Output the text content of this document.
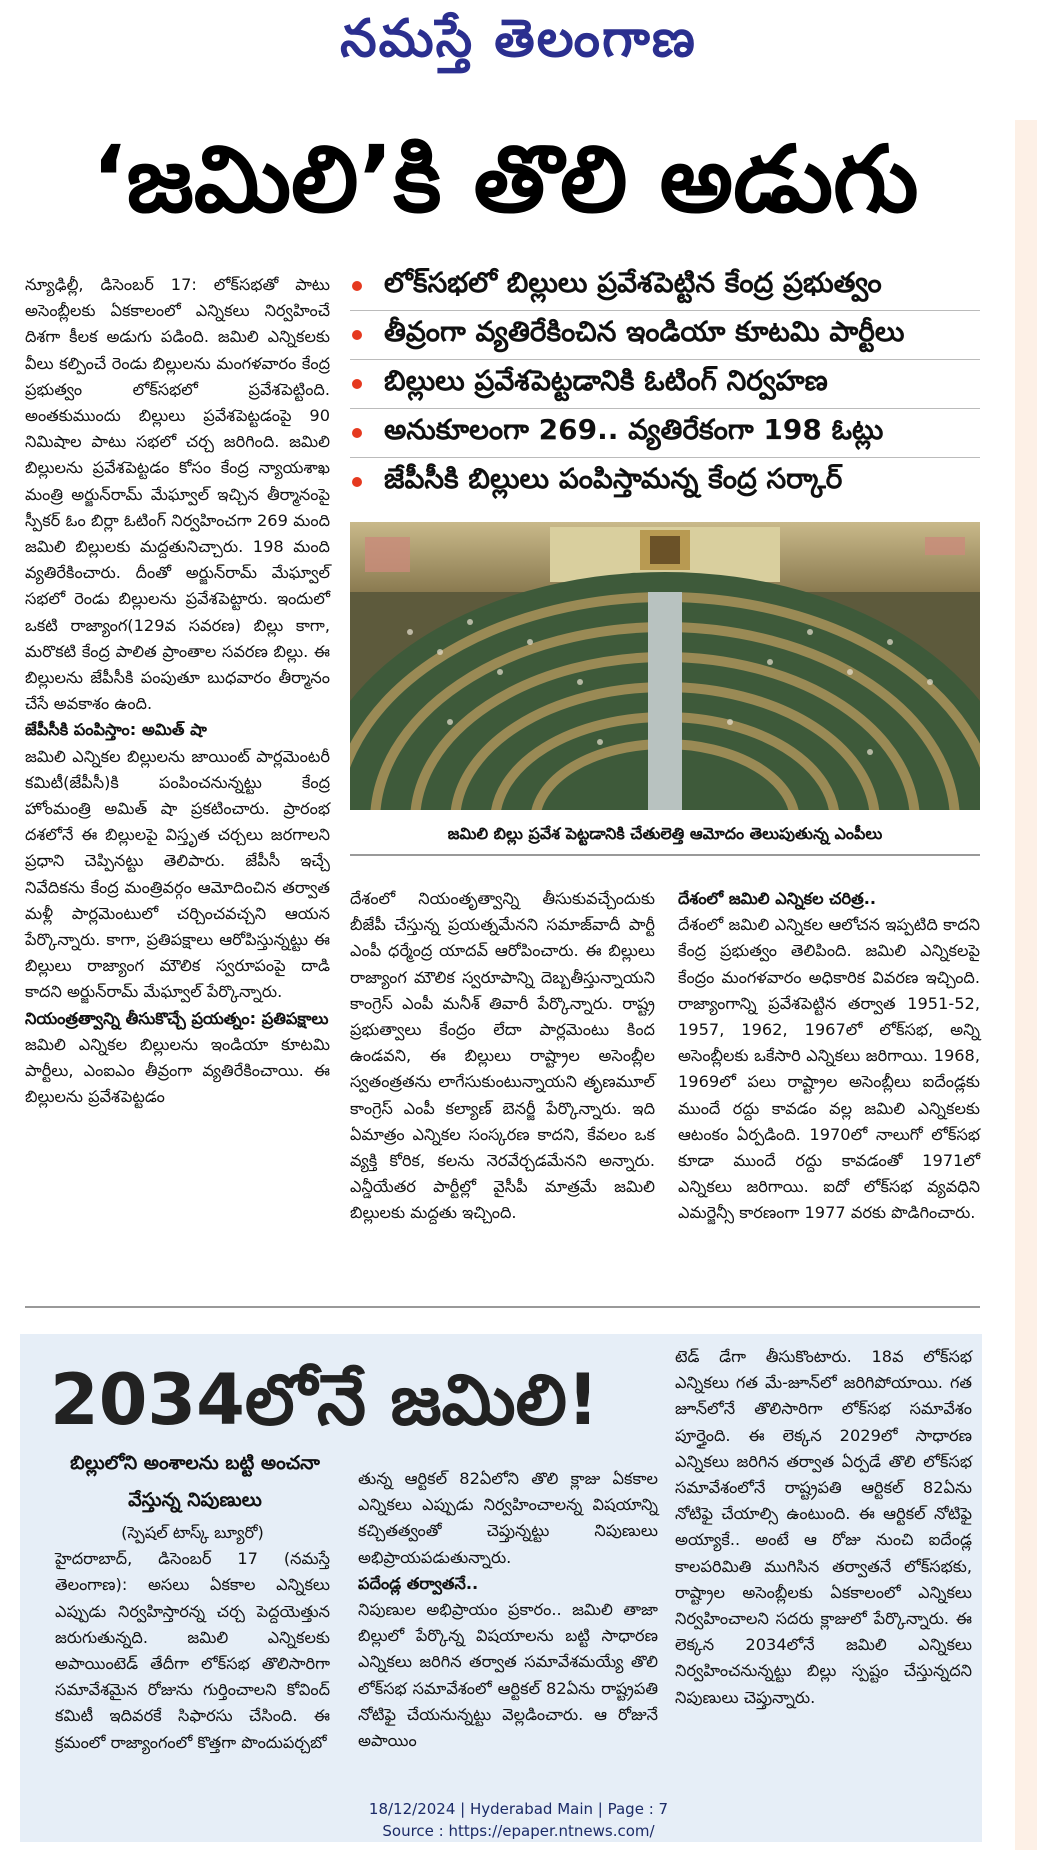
నమస్తే తెలంగాణ
‘జమిలి’కి తొలి అడుగు

న్యూఢిల్లీ, డిసెంబర్ 17: లోక్‌సభతో పాటు అసెంబ్లీలకు ఏకకాలంలో ఎన్నికలు నిర్వహించే దిశగా కీలక అడుగు పడింది. జమిలి ఎన్నికలకు వీలు కల్పించే రెండు బిల్లులను మంగళవారం కేంద్ర ప్రభుత్వం లోక్‌సభలో ప్రవేశపెట్టింది. అంతకుముందు బిల్లులు ప్రవేశపెట్టడంపై 90 నిమిషాల పాటు సభలో చర్చ జరిగింది. జమిలి బిల్లులను ప్రవేశపెట్టడం కోసం కేంద్ర న్యాయశాఖ మంత్రి అర్జున్‌రామ్ మేఘ్వాల్ ఇచ్చిన తీర్మానంపై స్పీకర్ ఓం బిర్లా ఓటింగ్ నిర్వహించగా 269 మంది జమిలి బిల్లులకు మద్దతునిచ్చారు. 198 మంది వ్యతిరేకించారు. దీంతో అర్జున్‌రామ్ మేఘ్వాల్ సభలో రెండు బిల్లులను ప్రవేశపెట్టారు. ఇందులో ఒకటి రాజ్యాంగ(129వ సవరణ) బిల్లు కాగా, మరొకటి కేంద్ర పాలిత ప్రాంతాల సవరణ బిల్లు. ఈ బిల్లులను జేపీసీకి పంపుతూ బుధవారం తీర్మానం చేసే అవకాశం ఉంది.

జేపీసీకి పంపిస్తాం: అమిత్ షా

జమిలి ఎన్నికల బిల్లులను జాయింట్ పార్లమెంటరీ కమిటీ(జేపీసీ)కి పంపించనున్నట్టు కేంద్ర హోంమంత్రి అమిత్ షా ప్రకటించారు. ప్రారంభ దశలోనే ఈ బిల్లులపై విస్తృత చర్చలు జరగాలని ప్రధాని చెప్పినట్టు తెలిపారు. జేపీసీ ఇచ్చే నివేదికను కేంద్ర మంత్రివర్గం ఆమోదించిన తర్వాత మళ్లీ పార్లమెంటులో చర్చించవచ్చని ఆయన పేర్కొన్నారు. కాగా, ప్రతిపక్షాలు ఆరోపిస్తున్నట్టు ఈ బిల్లులు రాజ్యాంగ మౌలిక స్వరూపంపై దాడి కాదని అర్జున్‌రామ్ మేఘ్వాల్ పేర్కొన్నారు.

నియంత్రత్వాన్ని తీసుకొచ్చే ప్రయత్నం: ప్రతిపక్షాలు

జమిలి ఎన్నికల బిల్లులను ఇండియా కూటమి పార్టీలు, ఎంఐఎం తీవ్రంగా వ్యతిరేకించాయి. ఈ బిల్లులను ప్రవేశపెట్టడం

లోక్‌సభలో బిల్లులు ప్రవేశపెట్టిన కేంద్ర ప్రభుత్వం
తీవ్రంగా వ్యతిరేకించిన ఇండియా కూటమి పార్టీలు
బిల్లులు ప్రవేశపెట్టడానికి ఓటింగ్ నిర్వహణ
అనుకూలంగా 269.. వ్యతిరేకంగా 198 ఓట్లు
జేపీసీకి బిల్లులు పంపిస్తామన్న కేంద్ర సర్కార్
జమిలి బిల్లు ప్రవేశ పెట్టడానికి చేతులెత్తి ఆమోదం తెలుపుతున్న ఎంపీలు

దేశంలో నియంతృత్వాన్ని తీసుకువచ్చేందుకు బీజేపీ చేస్తున్న ప్రయత్నమేనని సమాజ్‌వాదీ పార్టీ ఎంపీ ధర్మేంద్ర యాదవ్ ఆరోపించారు. ఈ బిల్లులు రాజ్యాంగ మౌలిక స్వరూపాన్ని దెబ్బతీస్తున్నాయని కాంగ్రెస్ ఎంపీ మనీశ్ తివారీ పేర్కొన్నారు. రాష్ట్ర ప్రభుత్వాలు కేంద్రం లేదా పార్లమెంటు కింద ఉండవని, ఈ బిల్లులు రాష్ట్రాల అసెంబ్లీల స్వతంత్రతను లాగేసుకుంటున్నాయని తృణమూల్ కాంగ్రెస్ ఎంపీ కల్యాణ్ బెనర్జీ పేర్కొన్నారు. ఇది ఏమాత్రం ఎన్నికల సంస్కరణ కాదని, కేవలం ఒక వ్యక్తి కోరిక, కలను నెరవేర్చడమేనని అన్నారు. ఎన్డీయేతర పార్టీల్లో వైసీపీ మాత్రమే జమిలి బిల్లులకు మద్దతు ఇచ్చింది.

దేశంలో జమిలి ఎన్నికల చరిత్ర..

దేశంలో జమిలి ఎన్నికల ఆలోచన ఇప్పటిది కాదని కేంద్ర ప్రభుత్వం తెలిపింది. జమిలి ఎన్నికలపై కేంద్రం మంగళవారం అధికారిక వివరణ ఇచ్చింది. రాజ్యాంగాన్ని ప్రవేశపెట్టిన తర్వాత 1951-52, 1957, 1962, 1967లో లోక్‌సభ, అన్ని అసెంబ్లీలకు ఒకేసారి ఎన్నికలు జరిగాయి. 1968, 1969లో పలు రాష్ట్రాల అసెంబ్లీలు ఐదేండ్లకు ముందే రద్దు కావడం వల్ల జమిలి ఎన్నికలకు ఆటంకం ఏర్పడింది. 1970లో నాలుగో లోక్‌సభ కూడా ముందే రద్దు కావడంతో 1971లో ఎన్నికలు జరిగాయి. ఐదో లోక్‌సభ వ్యవధిని ఎమర్జెన్సీ కారణంగా 1977 వరకు పొడిగించారు.

2034లోనే జమిలి!
బిల్లులోని అంశాలను బట్టి అంచనా వేస్తున్న నిపుణులు

(స్పెషల్ టాస్క్ బ్యూరో)

హైదరాబాద్, డిసెంబర్ 17 (నమస్తే తెలంగాణ): అసలు ఏకకాల ఎన్నికలు ఎప్పుడు నిర్వహిస్తారన్న చర్చ పెద్దయెత్తున జరుగుతున్నది. జమిలి ఎన్నికలకు అపాయింటెడ్ తేదీగా లోక్‌సభ తొలిసారిగా సమావేశమైన రోజును గుర్తించాలని కోవింద్ కమిటీ ఇదివరకే సిఫారసు చేసింది. ఈ క్రమంలో రాజ్యాంగంలో కొత్తగా పొందుపర్చబో

తున్న ఆర్టికల్ 82ఏలోని తొలి క్లాజు ఏకకాల ఎన్నికలు ఎప్పుడు నిర్వహించాలన్న విషయాన్ని కచ్చితత్వంతో చెప్తున్నట్టు నిపుణులు అభిప్రాయపడుతున్నారు.

పదేండ్ల తర్వాతనే..

నిపుణుల అభిప్రాయం ప్రకారం.. జమిలి తాజా బిల్లులో పేర్కొన్న విషయాలను బట్టి సాధారణ ఎన్నికలు జరిగిన తర్వాత సమావేశమయ్యే తొలి లోక్‌సభ సమావేశంలో ఆర్టికల్ 82ఏను రాష్ట్రపతి నోటిఫై చేయనున్నట్టు వెల్లడించారు. ఆ రోజునే అపాయిం

టెడ్ డేగా తీసుకొంటారు. 18వ లోక్‌సభ ఎన్నికలు గత మే-జూన్‌లో జరిగిపోయాయి. గత జూన్‌లోనే తొలిసారిగా లోక్‌సభ సమావేశం పూర్తైంది. ఈ లెక్కన 2029లో సాధారణ ఎన్నికలు జరిగిన తర్వాత ఏర్పడే తొలి లోక్‌సభ సమావేశంలోనే రాష్ట్రపతి ఆర్టికల్ 82ఏను నోటిఫై చేయాల్సి ఉంటుంది. ఈ ఆర్టికల్ నోటిఫై అయ్యాకే.. అంటే ఆ రోజు నుంచి ఐదేండ్ల కాలపరిమితి ముగిసిన తర్వాతనే లోక్‌సభకు, రాష్ట్రాల అసెంబ్లీలకు ఏకకాలంలో ఎన్నికలు నిర్వహించాలని సదరు క్లాజులో పేర్కొన్నారు. ఈ లెక్కన 2034లోనే జమిలి ఎన్నికలు నిర్వహించనున్నట్టు బిల్లు స్పష్టం చేస్తున్నదని నిపుణులు చెప్తున్నారు.

18/12/2024 | Hyderabad Main | Page : 7
Source : https://epaper.ntnews.com/
